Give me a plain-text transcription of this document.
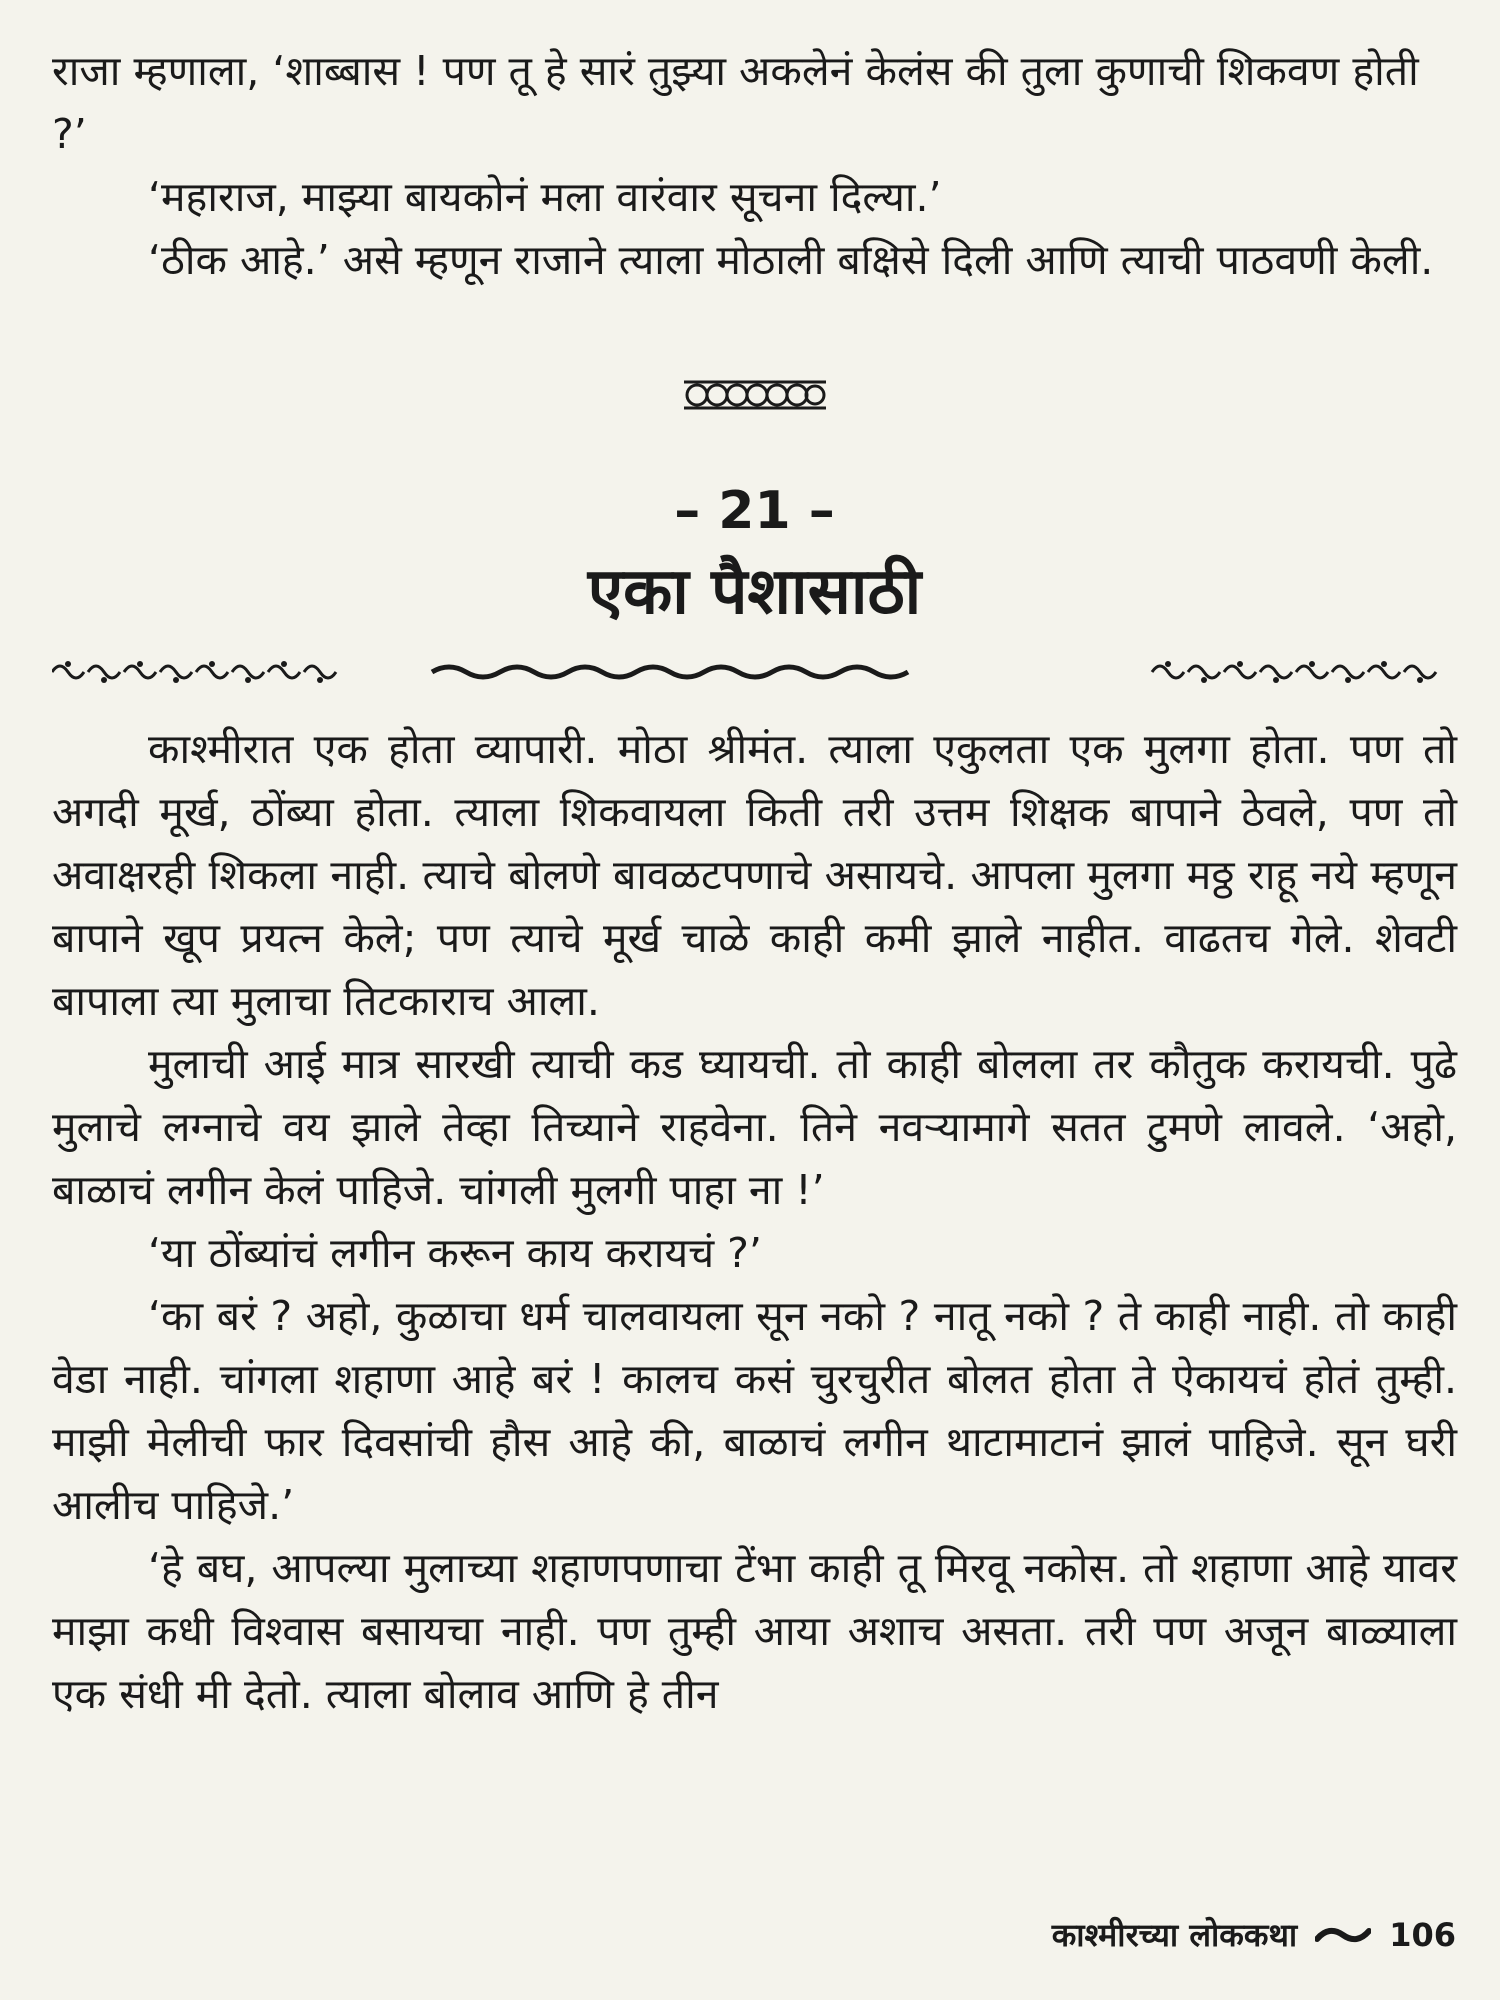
राजा म्हणाला, ‘शाब्बास ! पण तू हे सारं तुझ्या अकलेनं केलंस की तुला कुणाची शिकवण होती ?’

‘महाराज, माझ्या बायकोनं मला वारंवार सूचना दिल्या.’

‘ठीक आहे.’ असे म्हणून राजाने त्याला मोठाली बक्षिसे दिली आणि त्याची पाठवणी केली.

– 21 –
एका पैशासाठी

काश्मीरात एक होता व्यापारी. मोठा श्रीमंत. त्याला एकुलता एक मुलगा होता. पण तो अगदी मूर्ख, ठोंब्या होता. त्याला शिकवायला किती तरी उत्तम शिक्षक बापाने ठेवले, पण तो अवाक्षरही शिकला नाही. त्याचे बोलणे बावळटपणाचे असायचे. आपला मुलगा मठ्ठ राहू नये म्हणून बापाने खूप प्रयत्न केले; पण त्याचे मूर्ख चाळे काही कमी झाले नाहीत. वाढतच गेले. शेवटी बापाला त्या मुलाचा तिटकाराच आला.

मुलाची आई मात्र सारखी त्याची कड घ्यायची. तो काही बोलला तर कौतुक करायची. पुढे मुलाचे लग्नाचे वय झाले तेव्हा तिच्याने राहवेना. तिने नवऱ्यामागे सतत टुमणे लावले. ‘अहो, बाळाचं लगीन केलं पाहिजे. चांगली मुलगी पाहा ना !’

‘या ठोंब्यांचं लगीन करून काय करायचं ?’

‘का बरं ? अहो, कुळाचा धर्म चालवायला सून नको ? नातू नको ? ते काही नाही. तो काही वेडा नाही. चांगला शहाणा आहे बरं ! कालच कसं चुरचुरीत बोलत होता ते ऐकायचं होतं तुम्ही. माझी मेलीची फार दिवसांची हौस आहे की, बाळाचं लगीन थाटामाटानं झालं पाहिजे. सून घरी आलीच पाहिजे.’

‘हे बघ, आपल्या मुलाच्या शहाणपणाचा टेंभा काही तू मिरवू नकोस. तो शहाणा आहे यावर माझा कधी विश्वास बसायचा नाही. पण तुम्ही आया अशाच असता. तरी पण अजून बाळ्याला एक संधी मी देतो. त्याला बोलाव आणि हे तीन

काश्मीरच्या लोककथा	106
